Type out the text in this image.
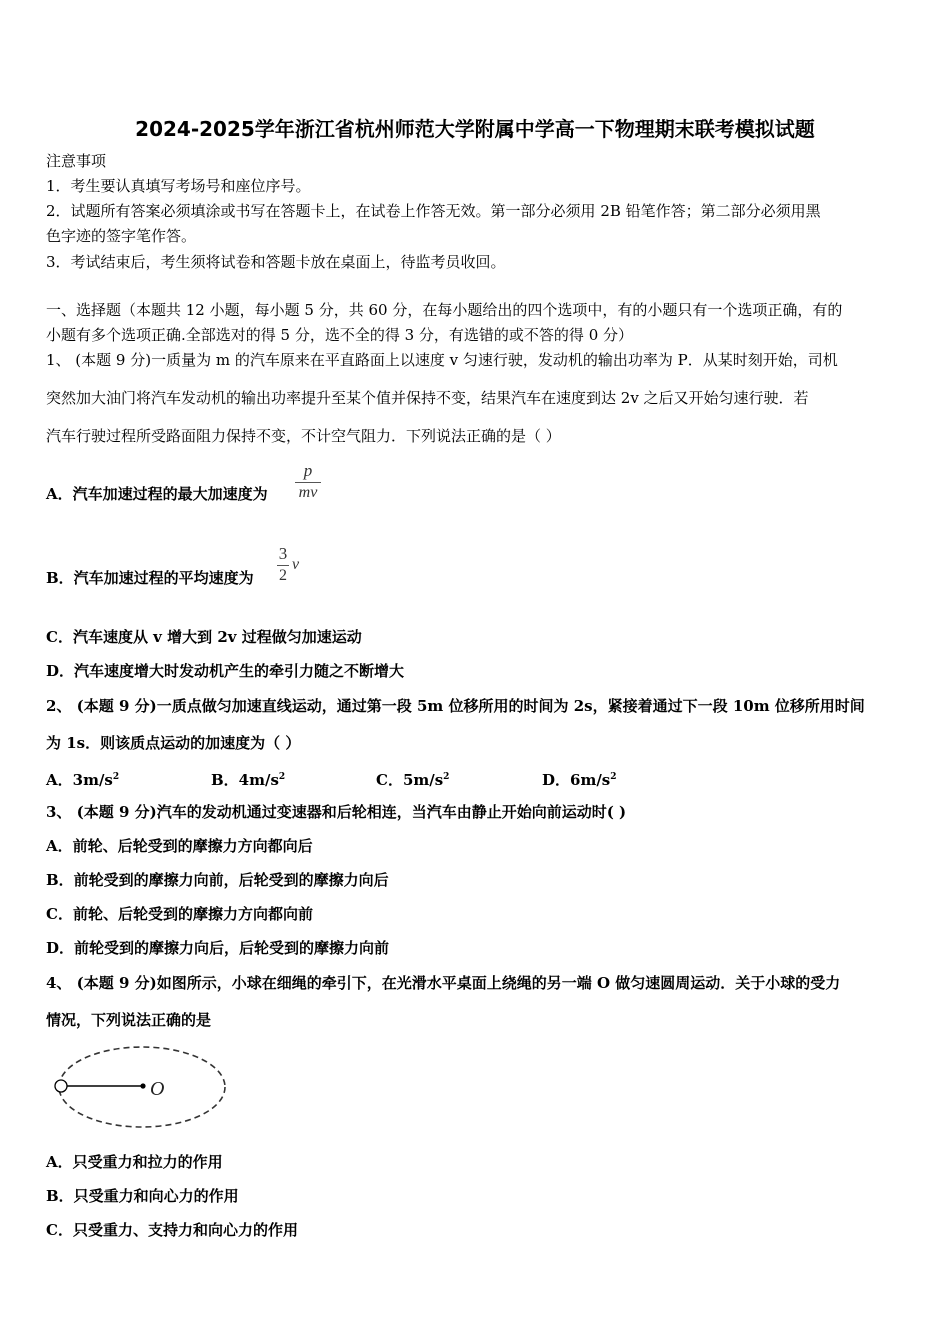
2024-2025学年浙江省杭州师范大学附属中学高一下物理期末联考模拟试题
注意事项
1．考生要认真填写考场号和座位序号。
2．试题所有答案必须填涂或书写在答题卡上，在试卷上作答无效。第一部分必须用 2B 铅笔作答；第二部分必须用黑
色字迹的签字笔作答。
3．考试结束后，考生须将试卷和答题卡放在桌面上，待监考员收回。
一、选择题（本题共 12 小题，每小题 5 分，共 60 分，在每小题给出的四个选项中，有的小题只有一个选项正确，有的
小题有多个选项正确.全部选对的得 5 分，选不全的得 3 分，有选错的或不答的得 0 分）
1、 (本题 9 分)一质量为 m 的汽车原来在平直路面上以速度 v 匀速行驶，发动机的输出功率为 P．从某时刻开始，司机
突然加大油门将汽车发动机的输出功率提升至某个值并保持不变，结果汽车在速度到达 2v 之后又开始匀速行驶．若
汽车行驶过程所受路面阻力保持不变，不计空气阻力．下列说法正确的是（ ）
A．汽车加速过程的最大加速度为
p
mv
B．汽车加速过程的平均速度为
3
2
v
C．汽车速度从 v 增大到 2v 过程做匀加速运动
D．汽车速度增大时发动机产生的牵引力随之不断增大
2、 (本题 9 分)一质点做匀加速直线运动，通过第一段 5m 位移所用的时间为 2s，紧接着通过下一段 10m 位移所用时间
为 1s．则该质点运动的加速度为（ ）
A．$3m/s^2$	B．$4m/s^2$	C．$5m/s^2$	D．$6m/s^2$
3、 (本题 9 分)汽车的发动机通过变速器和后轮相连，当汽车由静止开始向前运动时( )
A．前轮、后轮受到的摩擦力方向都向后
B．前轮受到的摩擦力向前，后轮受到的摩擦力向后
C．前轮、后轮受到的摩擦力方向都向前
D．前轮受到的摩擦力向后，后轮受到的摩擦力向前
4、 (本题 9 分)如图所示，小球在细绳的牵引下，在光滑水平桌面上绕绳的另一端 O 做匀速圆周运动．关于小球的受力
情况，下列说法正确的是
O
A．只受重力和拉力的作用
B．只受重力和向心力的作用
C．只受重力、支持力和向心力的作用
